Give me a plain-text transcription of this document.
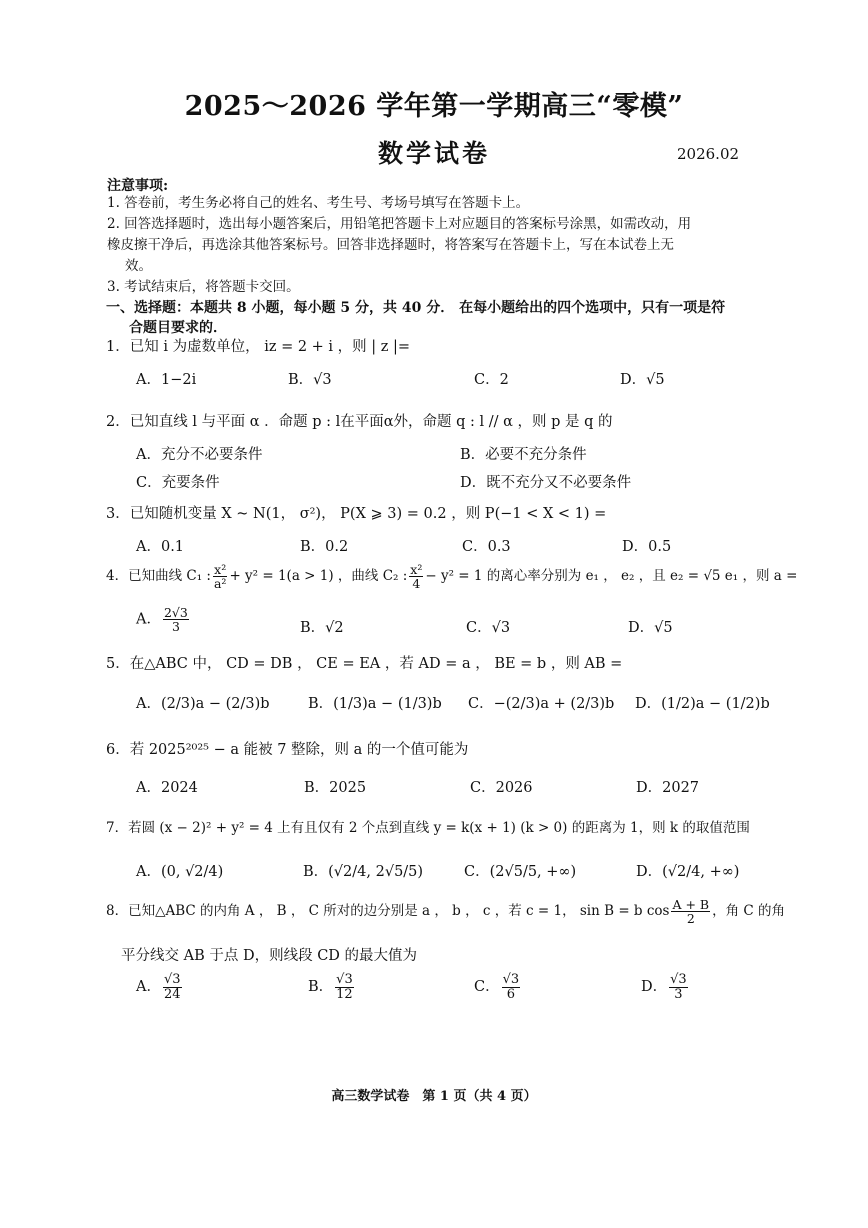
2025～2026 学年第一学期高三“零模”
数学试卷	2026.02
注意事项:
1. 答卷前，考生务必将自己的姓名、考生号、考场号填写在答题卡上。
2. 回答选择题时，选出每小题答案后，用铅笔把答题卡上对应题目的答案标号涂黑，如需改动，用
橡皮擦干净后，再选涂其他答案标号。回答非选择题时，将答案写在答题卡上，写在本试卷上无
效。
3. 考试结束后，将答题卡交回。
一、选择题：本题共 8 小题，每小题 5 分，共 40 分． 在每小题给出的四个选项中，只有一项是符
合题目要求的．
1．已知 i 为虚数单位， iz = 2 + i ，则 | z |=
A．1−2i	B．√3	C．2	D．√5
2．已知直线 l 与平面 α ．命题 p : l在平面α外，命题 q : l // α ，则 p 是 q 的
A．充分不必要条件	B．必要不充分条件
C．充要条件	D．既不充分又不必要条件
3．已知随机变量 X ~ N(1， σ²)， P(X ⩾ 3) = 0.2 ，则 P(−1 < X < 1) =
A．0.1	B．0.2	C．0.3	D．0.5
4．已知曲线 C₁ : $\frac{\text{x²}}{\text{a²}} + y^2 = 1(a > 1)$ ，曲线 C₂ : $\frac{\text{x²}}{4} - y^2 = 1$ 的离心率分别为 e₁ ， e₂ ，且 e₂ = √5 e₁ ，则 a =
A． $\frac{2√3}{3}$	B．√2	C．√3	D．√5
5．在△ABC 中， CD = DB ， CE = EA ，若 AD = a ， BE = b ，则 AB =
A．(2/3)a − (2/3)b	B．(1/3)a − (1/3)b C．−(2/3)a + (2/3)b D．(1/2)a − (1/2)b
6．若 2025²⁰²⁵ − a 能被 7 整除，则 a 的一个值可能为
A．2024	B．2025	C．2026	D．2027
7．若圆 (x − 2)² + y² = 4 上有且仅有 2 个点到直线 y = k(x + 1) (k > 0) 的距离为 1，则 k 的取值范围
A．(0, √2/4)	B．(√2/4, 2√5/5)	C．(2√5/5, +∞)	D．(√2/4, +∞)
8．已知△ABC 的内角 A ， B ， C 所对的边分别是 a ， b ， c ，若 c = 1， sin B = b $\cos \frac{A + B}{2}$ ，角 C 的角
平分线交 AB 于点 D，则线段 CD 的最大值为
A． $\frac{√3}{24}$	B． $\frac{√3}{12}$	C． $\frac{√3}{6}$	D． $\frac{√3}{3}$
高三数学试卷　第 1 页（共 4 页）
